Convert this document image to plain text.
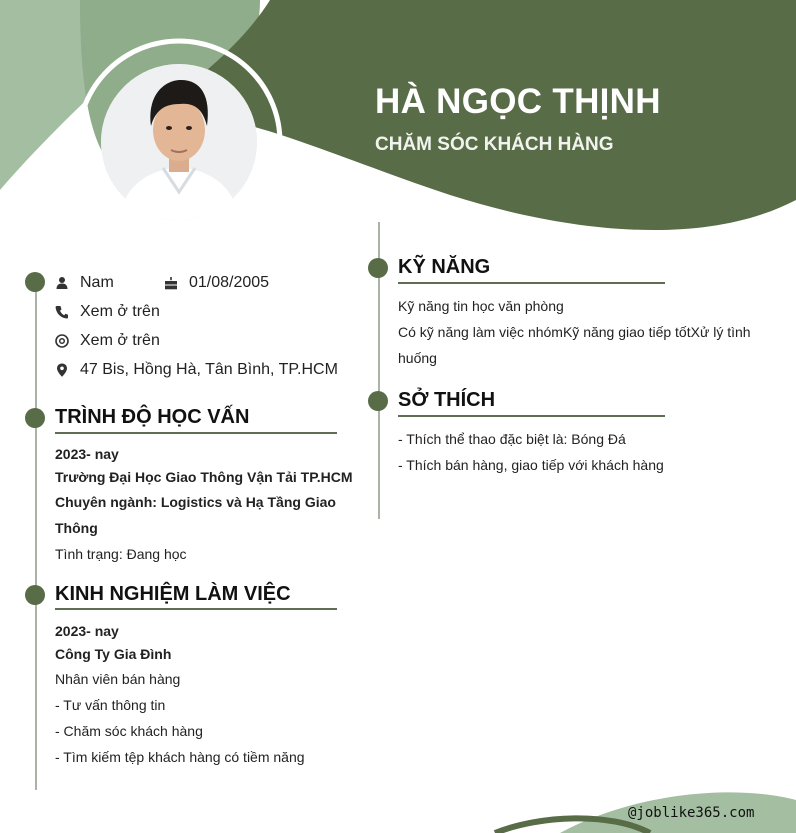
HÀ NGỌC THỊNH
CHĂM SÓC KHÁCH HÀNG
Nam	01/08/2005
Xem ở trên
Xem ở trên
47 Bis, Hồng Hà, Tân Bình, TP.HCM
TRÌNH ĐỘ HỌC VẤN
2023- nay
Trường Đại Học Giao Thông Vận Tải TP.HCM
Chuyên ngành: Logistics và Hạ Tầng Giao Thông
Tình trạng: Đang học
KINH NGHIỆM LÀM VIỆC
2023- nay
Công Ty Gia Đình
Nhân viên bán hàng
- Tư vấn thông tin
- Chăm sóc khách hàng
- Tìm kiếm tệp khách hàng có tiềm năng
KỸ NĂNG
Kỹ năng tin học văn phòng
Có kỹ năng làm việc nhómKỹ năng giao tiếp tốtXử lý tình huống
SỞ THÍCH
- Thích thể thao đặc biệt là: Bóng Đá
- Thích bán hàng, giao tiếp với khách hàng
@joblike365.com
